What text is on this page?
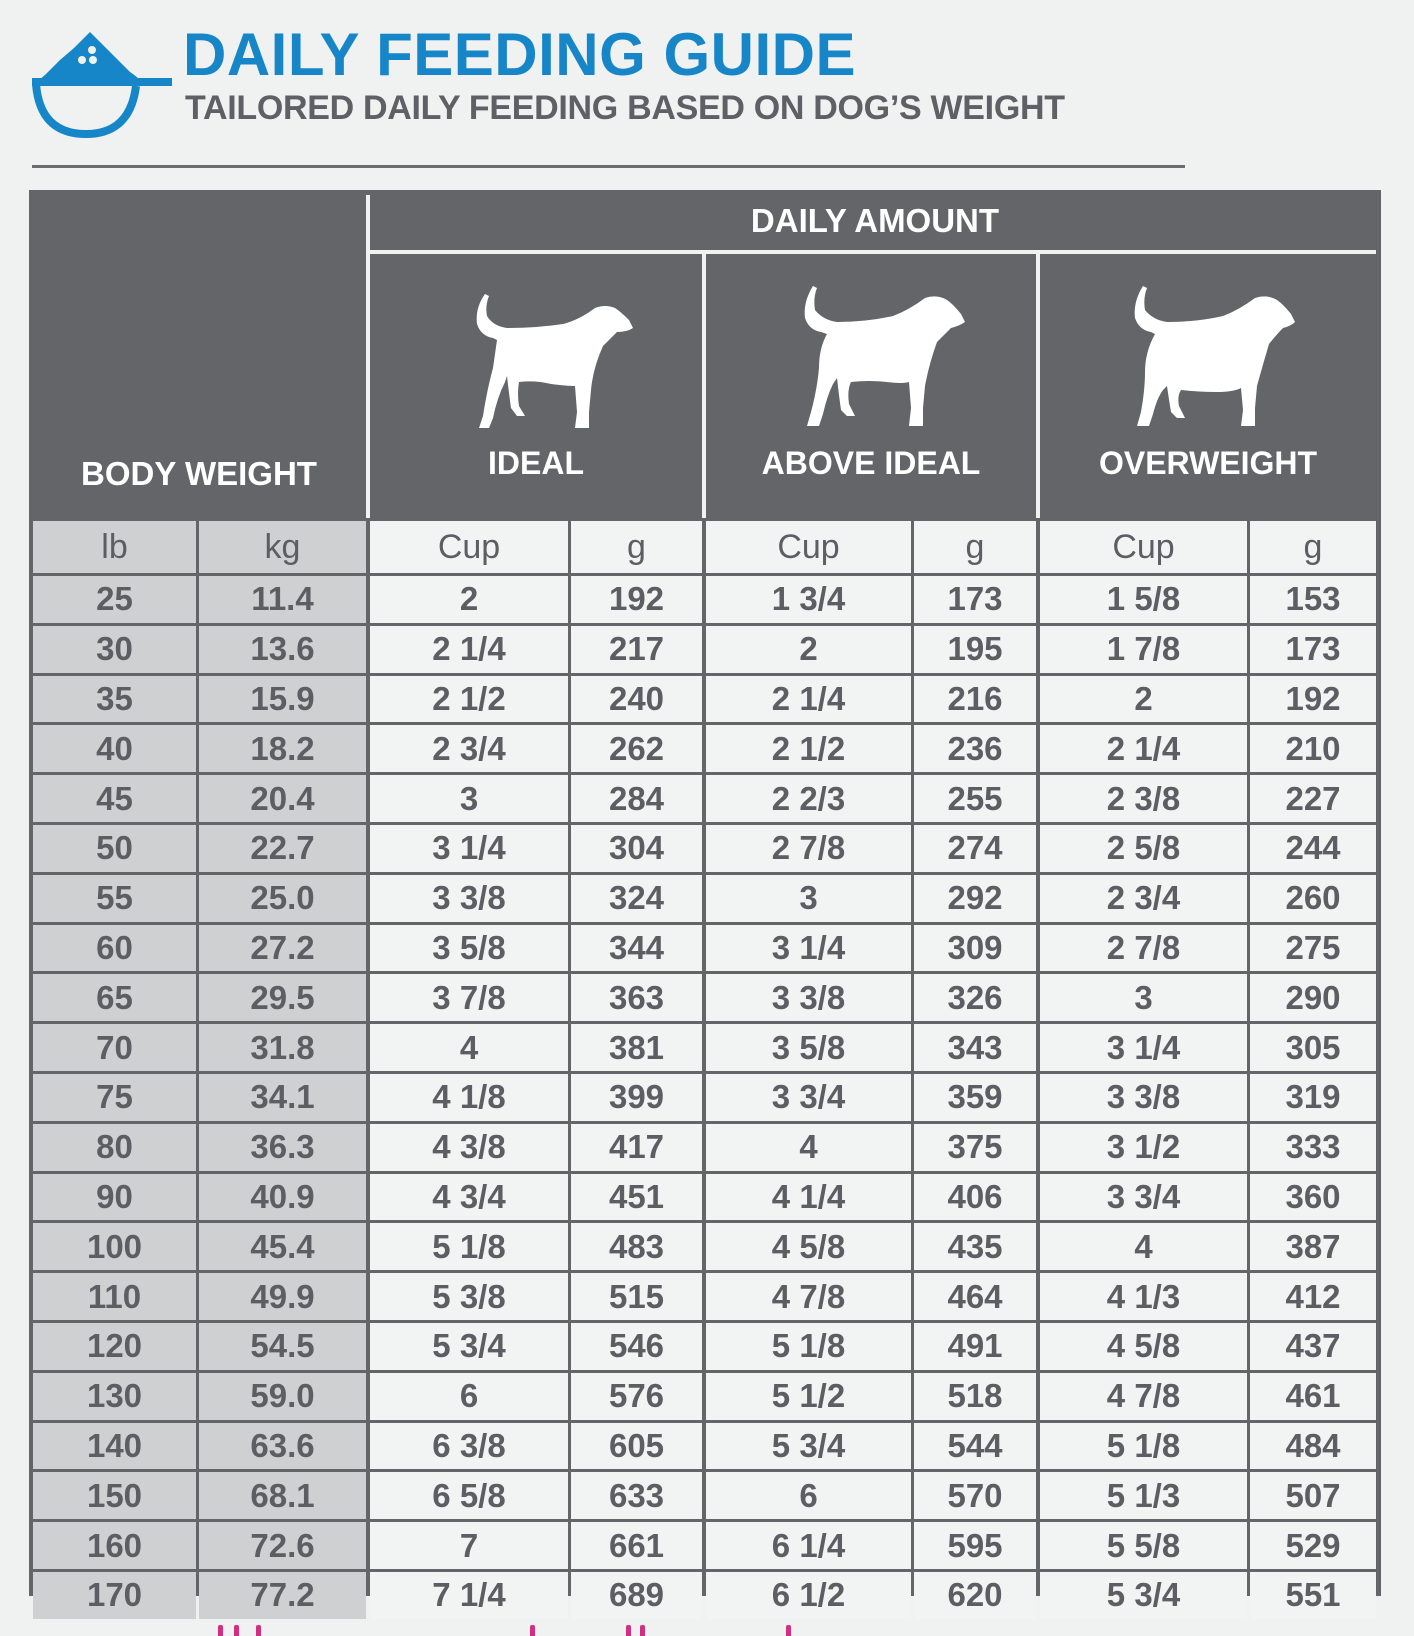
DAILY FEEDING GUIDE
TAILORED DAILY FEEDING BASED ON DOG’S WEIGHT
DAILY AMOUNT
BODY WEIGHT	IDEAL	ABOVE IDEAL	OVERWEIGHT
lb	kg	Cup	g	Cup	g	Cup	g
25	11.4	2	192	1 3/4	173	1 5/8	153
30	13.6	2 1/4	217	2	195	1 7/8	173
35	15.9	2 1/2	240	2 1/4	216	2	192
40	18.2	2 3/4	262	2 1/2	236	2 1/4	210
45	20.4	3	284	2 2/3	255	2 3/8	227
50	22.7	3 1/4	304	2 7/8	274	2 5/8	244
55	25.0	3 3/8	324	3	292	2 3/4	260
60	27.2	3 5/8	344	3 1/4	309	2 7/8	275
65	29.5	3 7/8	363	3 3/8	326	3	290
70	31.8	4	381	3 5/8	343	3 1/4	305
75	34.1	4 1/8	399	3 3/4	359	3 3/8	319
80	36.3	4 3/8	417	4	375	3 1/2	333
90	40.9	4 3/4	451	4 1/4	406	3 3/4	360
100	45.4	5 1/8	483	4 5/8	435	4	387
110	49.9	5 3/8	515	4 7/8	464	4 1/3	412
120	54.5	5 3/4	546	5 1/8	491	4 5/8	437
130	59.0	6	576	5 1/2	518	4 7/8	461
140	63.6	6 3/8	605	5 3/4	544	5 1/8	484
150	68.1	6 5/8	633	6	570	5 1/3	507
160	72.6	7	661	6 1/4	595	5 5/8	529
170	77.2	7 1/4	689	6 1/2	620	5 3/4	551
